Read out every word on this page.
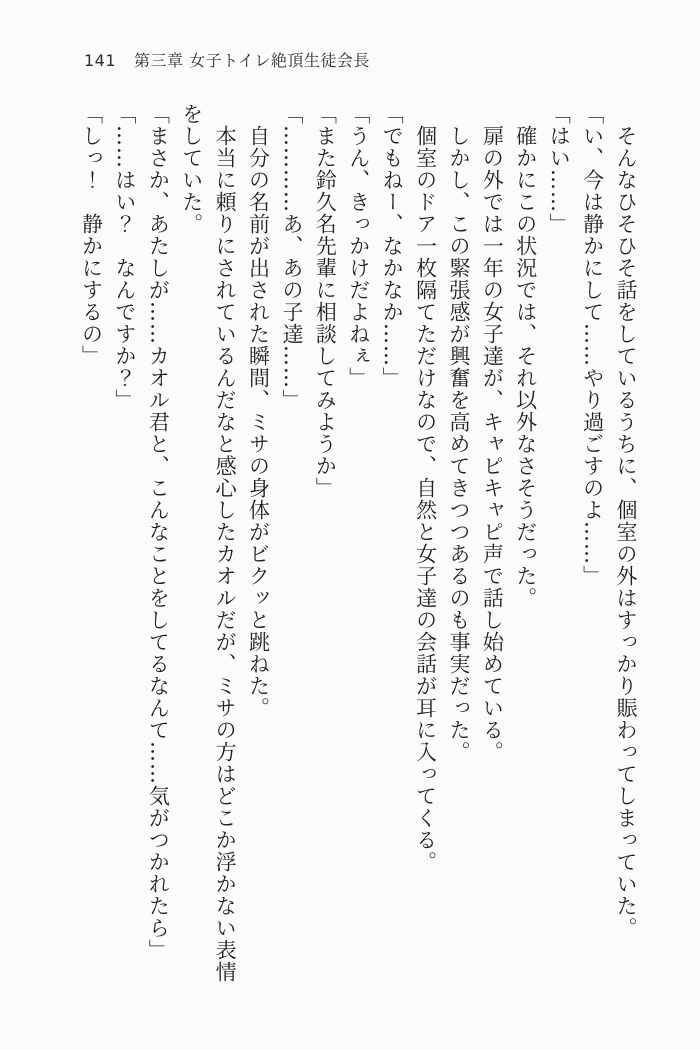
141 第三章 女子トイレ絶頂生徒会長

　そんなひそひそ話をしているうちに、個室の外はすっかり賑わってしまっていた。

「い、今は静かにして……やり過ごすのよ……」

「はい……」

　確かにこの状況では、それ以外なさそうだった。

　扉の外では一年の女子達が、キャピキャピ声で話し始めている。

　しかし、この緊張感が興奮を高めてきつつあるのも事実だった。

　個室のドア一枚隔てただけなので、自然と女子達の会話が耳に入ってくる。

「でもねー、なかなか……」

「うん、きっかけだよねぇ」

「また鈴久名先輩に相談してみようか」

「…………あ、あの子達……」

　自分の名前が出された瞬間、ミサの身体がビクッと跳ねた。

　本当に頼りにされているんだなと感心したカオルだが、ミサの方はどこか浮かない表情をしていた。

「まさか、あたしが……カオル君と、こんなことをしてるなんて……気がつかれたら」

「……はい？　なんですか？」

「しっ！　静かにするの」
